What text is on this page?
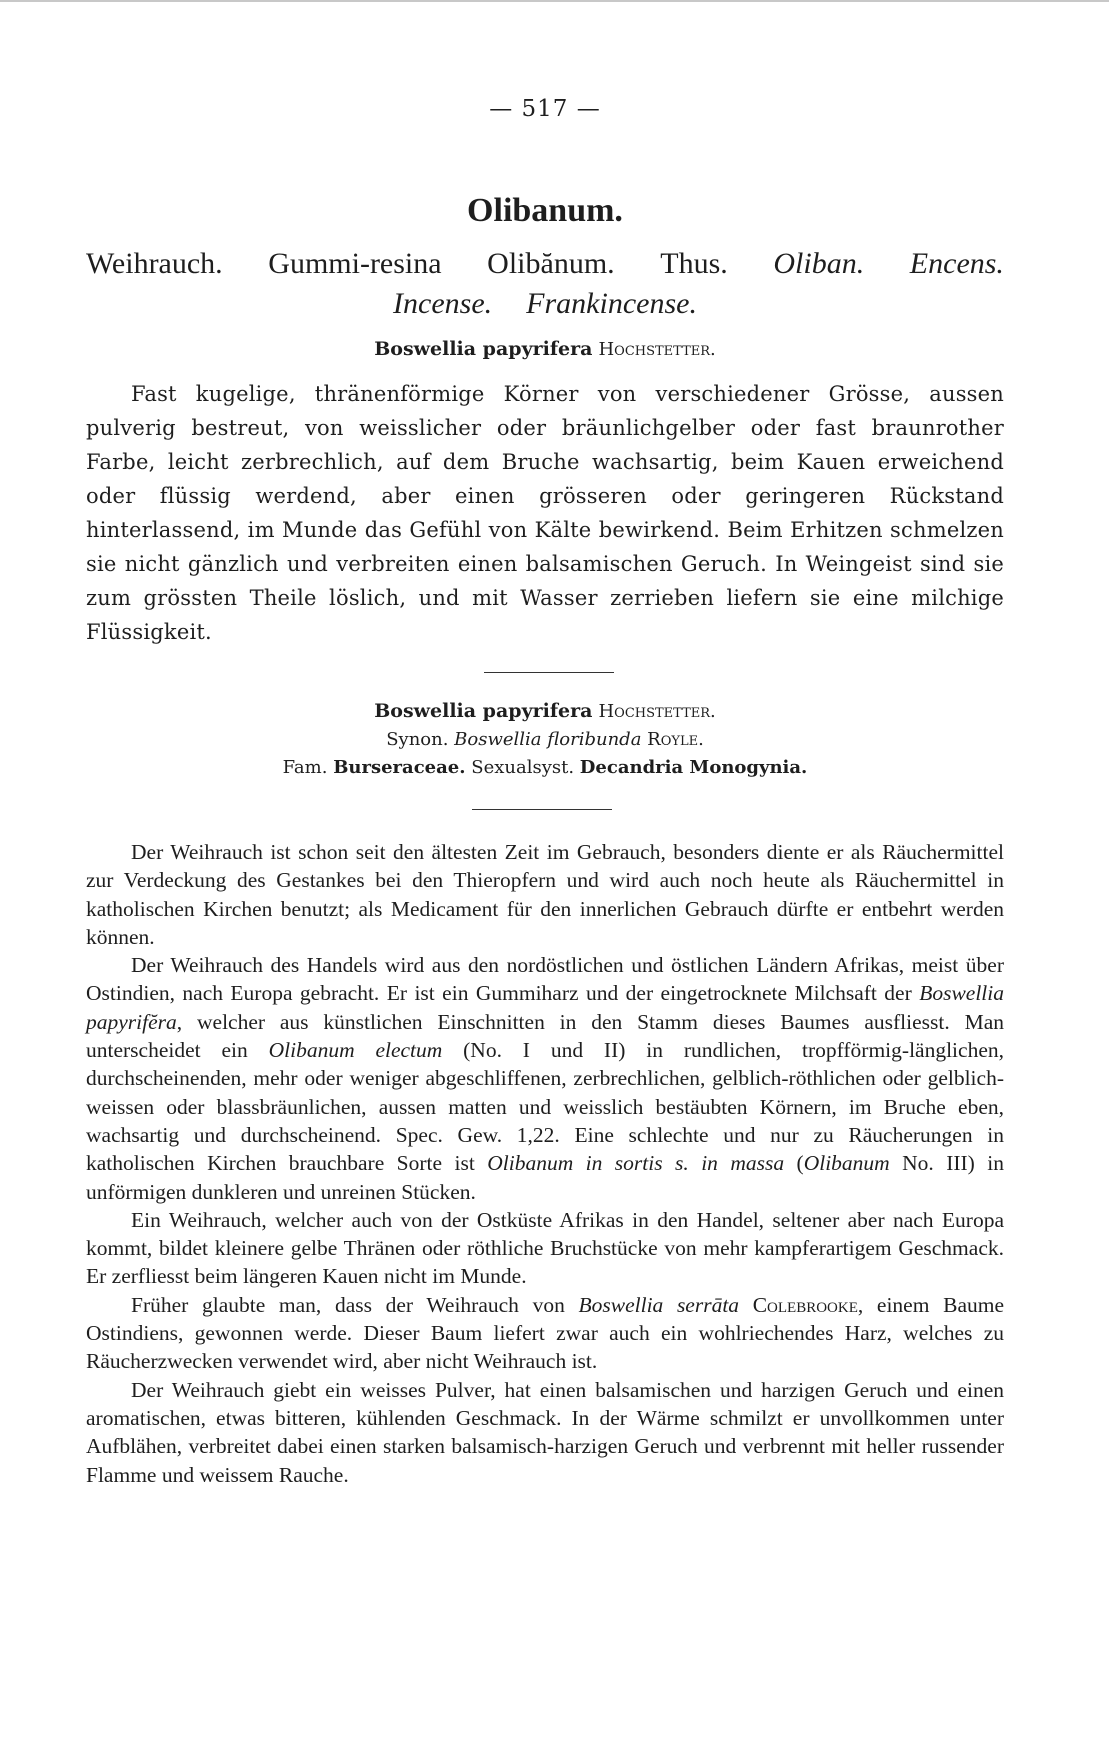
— 517 —
Olibanum.
Weihrauch. Gummi-resina Olibănum. Thus. Oliban. Encens.
Incense. Frankincense.
Boswellia papyrifera Hochstetter.

Fast kugelige, thränenförmige Körner von verschiedener Grösse, aussen pulverig bestreut, von weisslicher oder bräunlichgelber oder fast braunrother Farbe, leicht zerbrechlich, auf dem Bruche wachsartig, beim Kauen erweichend oder flüssig werdend, aber einen grösseren oder geringeren Rückstand hinterlassend, im Munde das Gefühl von Kälte bewirkend. Beim Erhitzen schmelzen sie nicht gänzlich und verbreiten einen balsamischen Geruch. In Weingeist sind sie zum grössten Theile löslich, und mit Wasser zerrieben liefern sie eine milchige Flüssigkeit.

Boswellia papyrifera Hochstetter.
Synon. Boswellia floribunda Royle.
Fam. Burseraceae. Sexualsyst. Decandria Monogynia.

Der Weihrauch ist schon seit den ältesten Zeit im Gebrauch, besonders diente er als Räuchermittel zur Verdeckung des Gestankes bei den Thieropfern und wird auch noch heute als Räuchermittel in katholischen Kirchen benutzt; als Medicament für den innerlichen Gebrauch dürfte er entbehrt werden können.

Der Weihrauch des Handels wird aus den nordöstlichen und östlichen Ländern Afrikas, meist über Ostindien, nach Europa gebracht. Er ist ein Gummiharz und der eingetrocknete Milchsaft der Boswellia papyrifĕra, welcher aus künstlichen Einschnitten in den Stamm dieses Baumes ausfliesst. Man unterscheidet ein Olibanum electum (No. I und II) in rundlichen, tropfförmig-länglichen, durchscheinenden, mehr oder weniger abgeschliffenen, zerbrechlichen, gelblich-röthlichen oder gelblich-weissen oder blassbräunlichen, aussen matten und weisslich bestäubten Körnern, im Bruche eben, wachsartig und durchscheinend. Spec. Gew. 1,22. Eine schlechte und nur zu Räucherungen in katholischen Kirchen brauchbare Sorte ist Olibanum in sortis s. in massa (Olibanum No. III) in unförmigen dunkleren und unreinen Stücken.

Ein Weihrauch, welcher auch von der Ostküste Afrikas in den Handel, seltener aber nach Europa kommt, bildet kleinere gelbe Thränen oder röthliche Bruchstücke von mehr kampferartigem Geschmack. Er zerfliesst beim längeren Kauen nicht im Munde.

Früher glaubte man, dass der Weihrauch von Boswellia serrāta Colebrooke, einem Baume Ostindiens, gewonnen werde. Dieser Baum liefert zwar auch ein wohlriechendes Harz, welches zu Räucherzwecken verwendet wird, aber nicht Weihrauch ist.

Der Weihrauch giebt ein weisses Pulver, hat einen balsamischen und harzigen Geruch und einen aromatischen, etwas bitteren, kühlenden Geschmack. In der Wärme schmilzt er unvollkommen unter Aufblähen, verbreitet dabei einen starken balsamisch-harzigen Geruch und verbrennt mit heller russender Flamme und weissem Rauche.
